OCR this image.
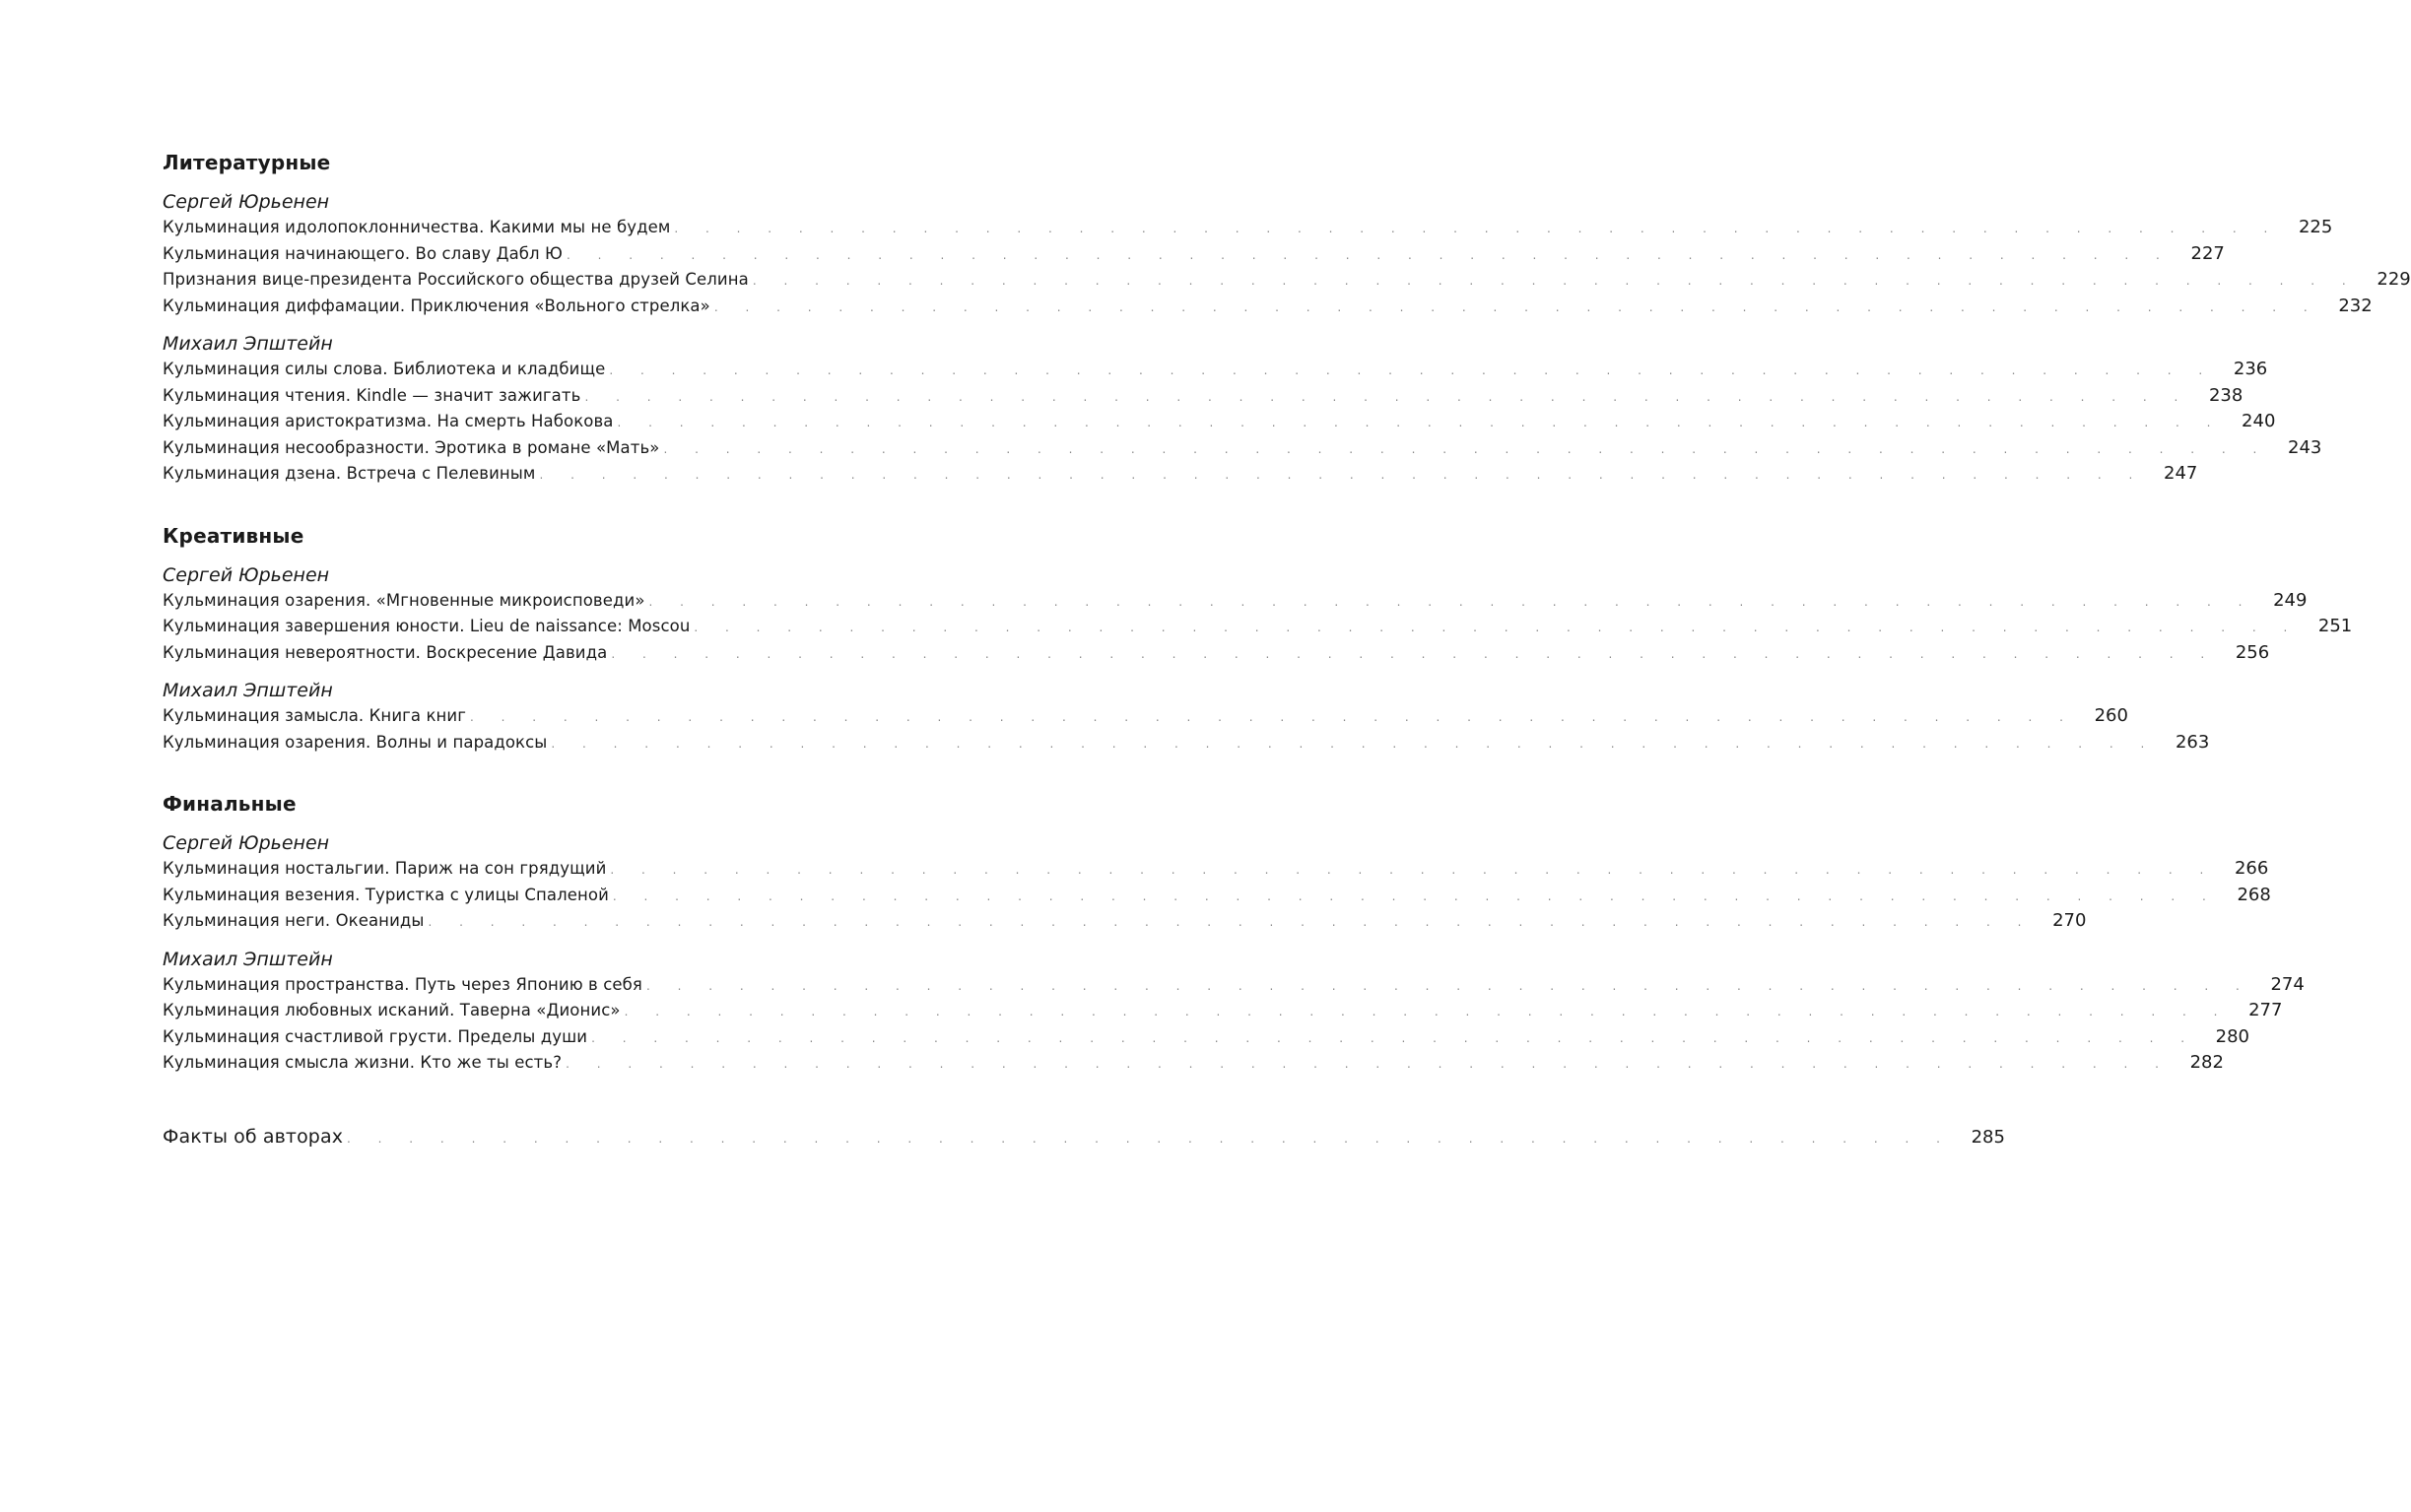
Литературные
Сергей Юрьенен
Кульминация идолопоклонничества. Какими мы не будем . . . . . . . . . . . . . . . . . . . . . . . . . . . . . . . . . . . . . . . . . . . . . . . . . . . . 225
Кульминация начинающего. Во славу Дабл Ю . . . . . . . . . . . . . . . . . . . . . . . . . . . . . . . . . . . . . . . . . . . . . . . . . . . . 227
Признания вице-президента Российского общества друзей Селина . . . . . . . . . . . . . . . . . . . . . . . . . . . . . . . . . . . . . . . . . . . . . . . . . . . . 229
Кульминация диффамации. Приключения «Вольного стрелка» . . . . . . . . . . . . . . . . . . . . . . . . . . . . . . . . . . . . . . . . . . . . . . . . . . . . 232
Михаил Эпштейн
Кульминация силы слова. Библиотека и кладбище . . . . . . . . . . . . . . . . . . . . . . . . . . . . . . . . . . . . . . . . . . . . . . . . . . . . 236
Кульминация чтения. Kindle — значит зажигать . . . . . . . . . . . . . . . . . . . . . . . . . . . . . . . . . . . . . . . . . . . . . . . . . . . . 238
Кульминация аристократизма. На смерть Набокова . . . . . . . . . . . . . . . . . . . . . . . . . . . . . . . . . . . . . . . . . . . . . . . . . . . . 240
Кульминация несообразности. Эротика в романе «Мать» . . . . . . . . . . . . . . . . . . . . . . . . . . . . . . . . . . . . . . . . . . . . . . . . . . . . 243
Кульминация дзена. Встреча с Пелевиным . . . . . . . . . . . . . . . . . . . . . . . . . . . . . . . . . . . . . . . . . . . . . . . . . . . . 247
Креативные
Сергей Юрьенен
Кульминация озарения. «Мгновенные микроисповеди» . . . . . . . . . . . . . . . . . . . . . . . . . . . . . . . . . . . . . . . . . . . . . . . . . . . . 249
Кульминация завершения юности. Lieu de naissance: Moscou . . . . . . . . . . . . . . . . . . . . . . . . . . . . . . . . . . . . . . . . . . . . . . . . . . . . 251
Кульминация невероятности. Воскресение Давида . . . . . . . . . . . . . . . . . . . . . . . . . . . . . . . . . . . . . . . . . . . . . . . . . . . . 256
Михаил Эпштейн
Кульминация замысла. Книга книг . . . . . . . . . . . . . . . . . . . . . . . . . . . . . . . . . . . . . . . . . . . . . . . . . . . . 260
Кульминация озарения. Волны и парадоксы . . . . . . . . . . . . . . . . . . . . . . . . . . . . . . . . . . . . . . . . . . . . . . . . . . . . 263
Финальные
Сергей Юрьенен
Кульминация ностальгии. Париж на сон грядущий . . . . . . . . . . . . . . . . . . . . . . . . . . . . . . . . . . . . . . . . . . . . . . . . . . . . 266
Кульминация везения. Туристка с улицы Спаленой . . . . . . . . . . . . . . . . . . . . . . . . . . . . . . . . . . . . . . . . . . . . . . . . . . . . 268
Кульминация неги. Океаниды . . . . . . . . . . . . . . . . . . . . . . . . . . . . . . . . . . . . . . . . . . . . . . . . . . . . 270
Михаил Эпштейн
Кульминация пространства. Путь через Японию в себя . . . . . . . . . . . . . . . . . . . . . . . . . . . . . . . . . . . . . . . . . . . . . . . . . . . . 274
Кульминация любовных исканий. Таверна «Дионис» . . . . . . . . . . . . . . . . . . . . . . . . . . . . . . . . . . . . . . . . . . . . . . . . . . . . 277
Кульминация счастливой грусти. Пределы души . . . . . . . . . . . . . . . . . . . . . . . . . . . . . . . . . . . . . . . . . . . . . . . . . . . . 280
Кульминация смысла жизни. Кто же ты есть? . . . . . . . . . . . . . . . . . . . . . . . . . . . . . . . . . . . . . . . . . . . . . . . . . . . . 282
Факты об авторах . . . . . . . . . . . . . . . . . . . . . . . . . . . . . . . . . . . . . . . . . . . . . . . . . . . . 285
